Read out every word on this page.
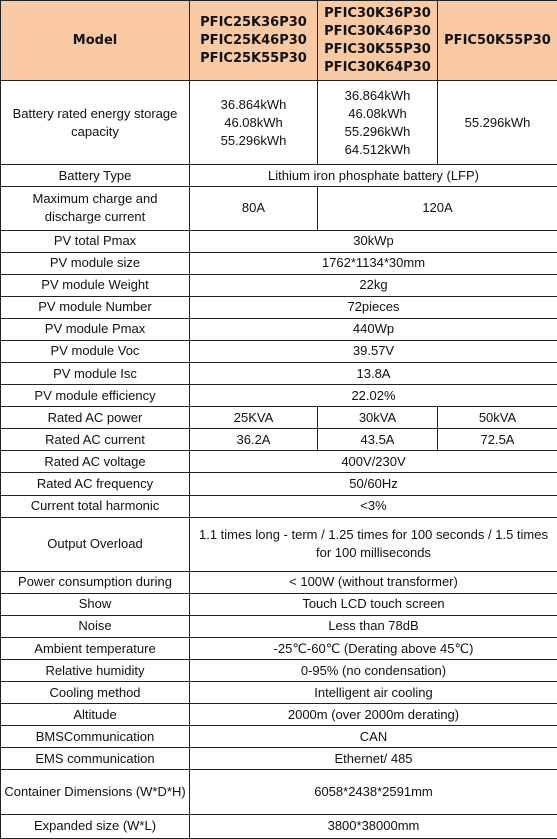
Model	PFIC25K36P30
PFIC25K46P30
PFIC25K55P30	PFIC30K36P30
PFIC30K46P30
PFIC30K55P30
PFIC30K64P30	PFIC50K55P30
Battery rated energy storage capacity	36.864kWh
46.08kWh
55.296kWh	36.864kWh
46.08kWh
55.296kWh
64.512kWh	55.296kWh
Battery Type	Lithium iron phosphate battery (LFP)		
Maximum charge and discharge current	80A	120A	
PV total Pmax	30kWp		
PV module size	1762*1134*30mm		
PV module Weight	22kg		
PV module Number	72pieces		
PV module Pmax	440Wp		
PV module Voc	39.57V		
PV module Isc	13.8A		
PV module efficiency	22.02%		
Rated AC power	25KVA	30kVA	50kVA
Rated AC current	36.2A	43.5A	72.5A
Rated AC voltage	400V/230V		
Rated AC frequency	50/60Hz		
Current total harmonic	<3%		
Output Overload	1.1 times long - term / 1.25 times for 100 seconds / 1.5 times for 100 milliseconds		
Power consumption during	< 100W (without transformer)		
Show	Touch LCD touch screen		
Noise	Less than 78dB		
Ambient temperature	-25℃-60℃ (Derating above 45℃)		
Relative humidity	0-95% (no condensation)		
Cooling method	Intelligent air cooling		
Altitude	2000m (over 2000m derating)		
BMSCommunication	CAN		
EMS communication	Ethernet/ 485		
Container Dimensions (W*D*H)	6058*2438*2591mm		
Expanded size (W*L)	3800*38000mm		
